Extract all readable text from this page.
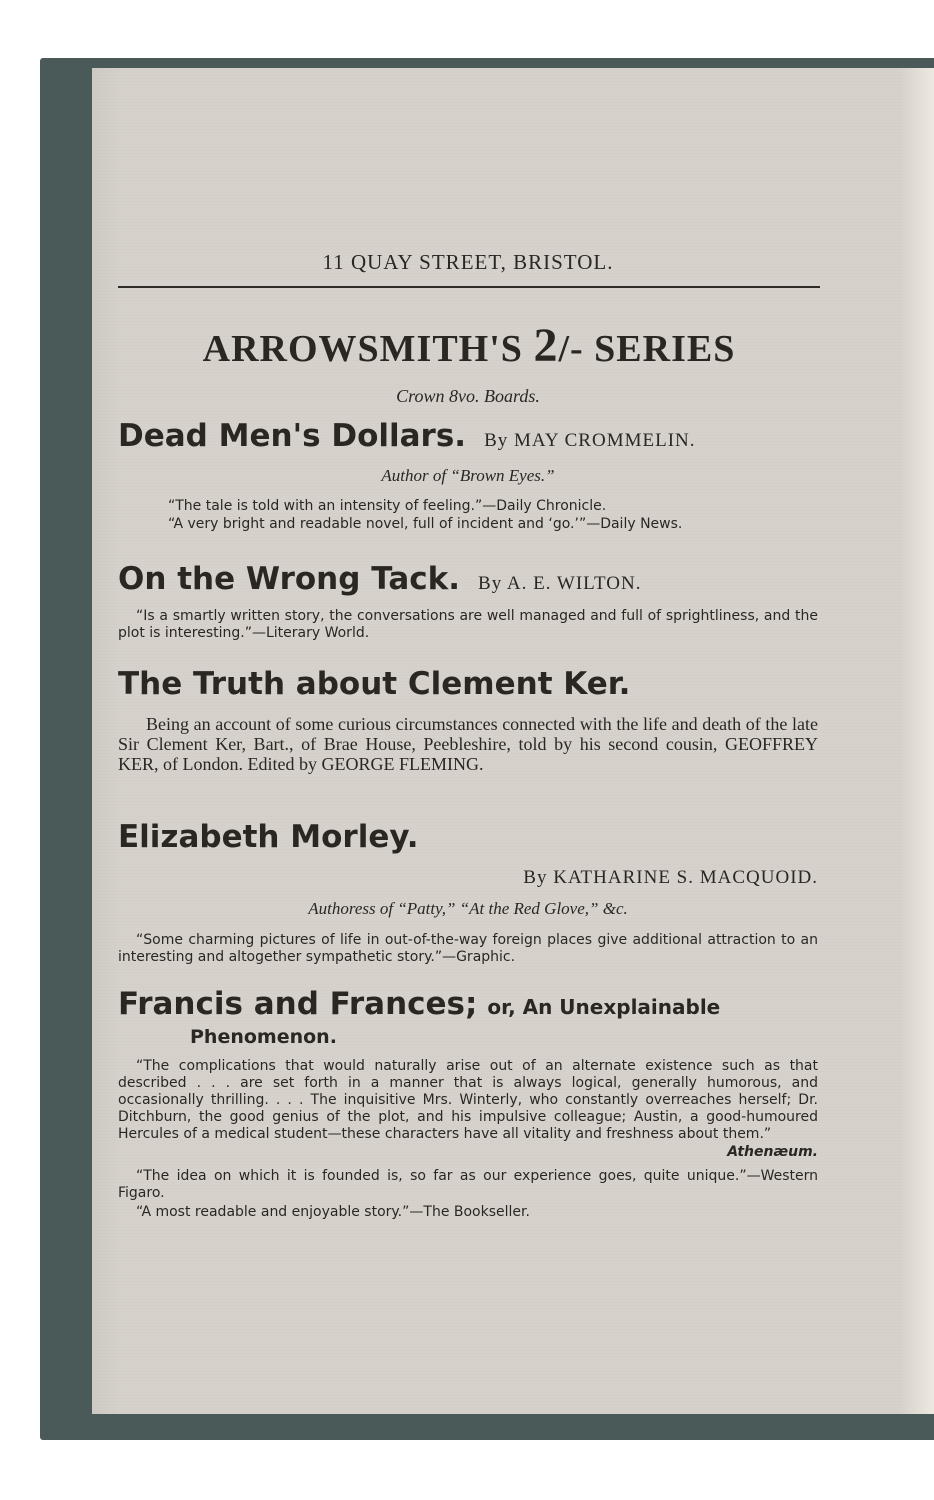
11 QUAY STREET, BRISTOL.
ARROWSMITH'S 2/- SERIES
Crown 8vo. Boards.
Dead Men's Dollars. By MAY CROMMELIN.
Author of “Brown Eyes.”
“The tale is told with an intensity of feeling.”—Daily Chronicle.
“A very bright and readable novel, full of incident and ‘go.’”—Daily News.
On the Wrong Tack. By A. E. WILTON.
“Is a smartly written story, the conversations are well managed and full of sprightliness, and the plot is interesting.”—Literary World.
The Truth about Clement Ker.
Being an account of some curious circumstances connected with the life and death of the late Sir Clement Ker, Bart., of Brae House, Peebleshire, told by his second cousin, GEOFFREY KER, of London. Edited by GEORGE FLEMING.
Elizabeth Morley.
By KATHARINE S. MACQUOID.
Authoress of “Patty,” “At the Red Glove,” &c.
“Some charming pictures of life in out-of-the-way foreign places give additional attraction to an interesting and altogether sympathetic story.”—Graphic.
Francis and Frances; or, An Unexplainable
Phenomenon.
“The complications that would naturally arise out of an alternate existence such as that described . . . are set forth in a manner that is always logical, generally humorous, and occasionally thrilling. . . . The inquisitive Mrs. Winterly, who constantly overreaches herself; Dr. Ditchburn, the good genius of the plot, and his impulsive colleague; Austin, a good-humoured Hercules of a medical student—these characters have all vitality and freshness about them.”
Athenæum.
“The idea on which it is founded is, so far as our experience goes, quite unique.”—Western Figaro.
“A most readable and enjoyable story.”—The Bookseller.
